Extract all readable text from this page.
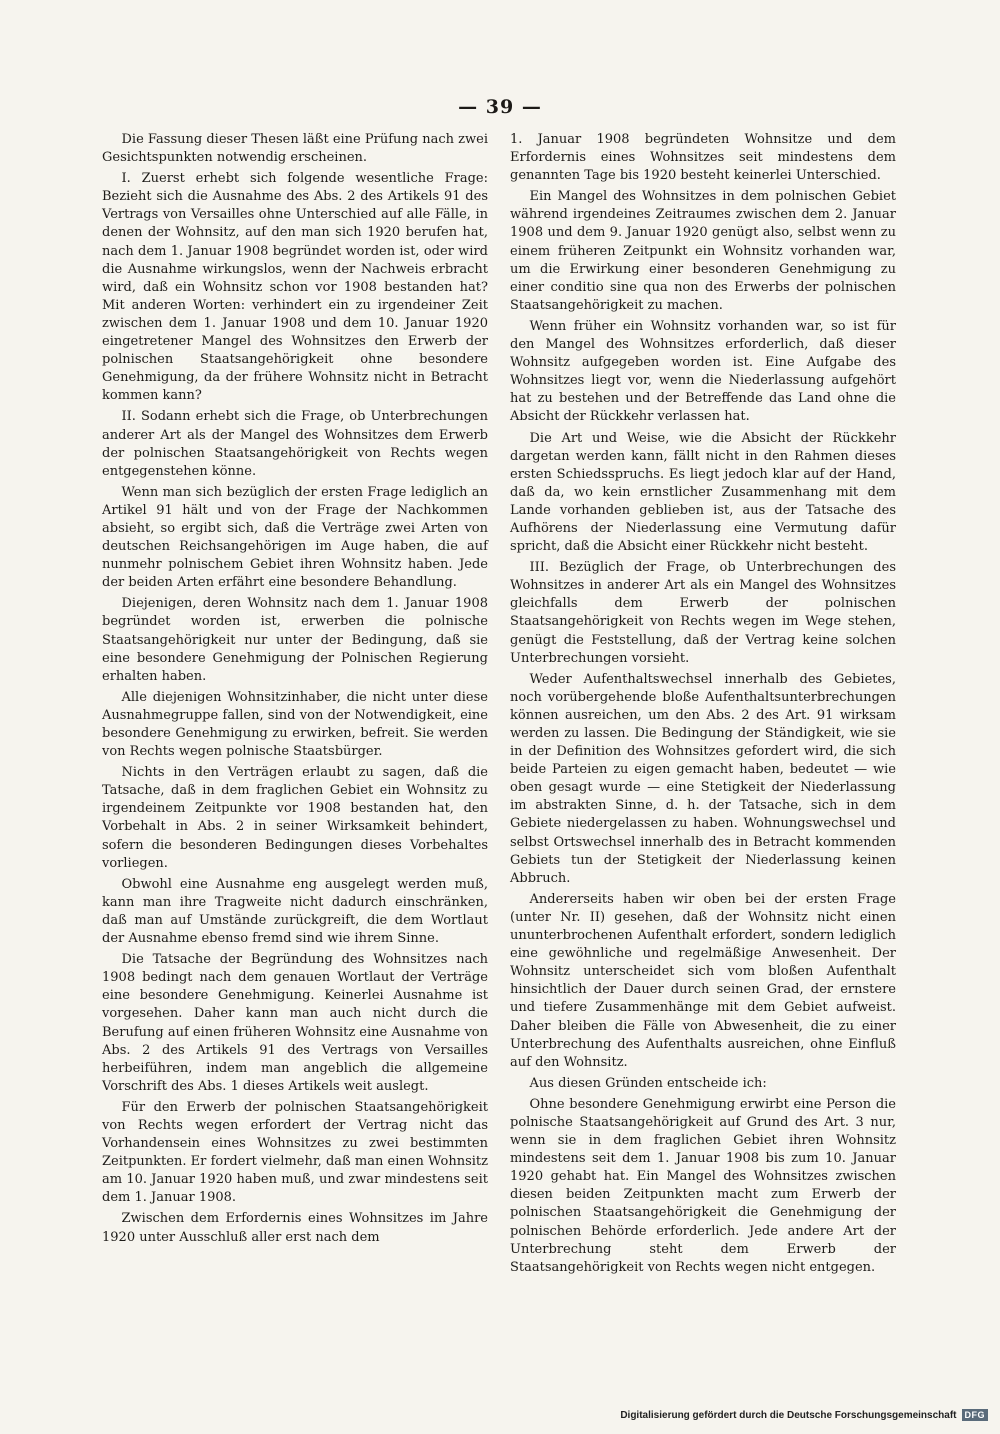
— 39 —

Die Fassung dieser Thesen läßt eine Prüfung nach zwei Gesichtspunkten notwendig erscheinen.

I. Zuerst erhebt sich folgende wesentliche Frage: Bezieht sich die Ausnahme des Abs. 2 des Artikels 91 des Vertrags von Versailles ohne Unterschied auf alle Fälle, in denen der Wohnsitz, auf den man sich 1920 berufen hat, nach dem 1. Januar 1908 begründet worden ist, oder wird die Ausnahme wirkungslos, wenn der Nachweis erbracht wird, daß ein Wohnsitz schon vor 1908 bestanden hat? Mit anderen Worten: verhindert ein zu irgendeiner Zeit zwischen dem 1. Januar 1908 und dem 10. Januar 1920 eingetretener Mangel des Wohnsitzes den Erwerb der polnischen Staatsangehörigkeit ohne besondere Genehmigung, da der frühere Wohnsitz nicht in Betracht kommen kann?

II. Sodann erhebt sich die Frage, ob Unterbrechungen anderer Art als der Mangel des Wohnsitzes dem Erwerb der polnischen Staatsangehörigkeit von Rechts wegen entgegenstehen könne.

Wenn man sich bezüglich der ersten Frage lediglich an Artikel 91 hält und von der Frage der Nachkommen absieht, so ergibt sich, daß die Verträge zwei Arten von deutschen Reichsangehörigen im Auge haben, die auf nunmehr polnischem Gebiet ihren Wohnsitz haben. Jede der beiden Arten erfährt eine besondere Behandlung.

Diejenigen, deren Wohnsitz nach dem 1. Januar 1908 begründet worden ist, erwerben die polnische Staatsangehörigkeit nur unter der Bedingung, daß sie eine besondere Genehmigung der Polnischen Regierung erhalten haben.

Alle diejenigen Wohnsitzinhaber, die nicht unter diese Ausnahmegruppe fallen, sind von der Notwendigkeit, eine besondere Genehmigung zu erwirken, befreit. Sie werden von Rechts wegen polnische Staatsbürger.

Nichts in den Verträgen erlaubt zu sagen, daß die Tatsache, daß in dem fraglichen Gebiet ein Wohnsitz zu irgendeinem Zeitpunkte vor 1908 bestanden hat, den Vorbehalt in Abs. 2 in seiner Wirksamkeit behindert, sofern die besonderen Bedingungen dieses Vorbehaltes vorliegen.

Obwohl eine Ausnahme eng ausgelegt werden muß, kann man ihre Tragweite nicht dadurch einschränken, daß man auf Umstände zurückgreift, die dem Wortlaut der Ausnahme ebenso fremd sind wie ihrem Sinne.

Die Tatsache der Begründung des Wohnsitzes nach 1908 bedingt nach dem genauen Wortlaut der Verträge eine besondere Genehmigung. Keinerlei Ausnahme ist vorgesehen. Daher kann man auch nicht durch die Berufung auf einen früheren Wohnsitz eine Ausnahme von Abs. 2 des Artikels 91 des Vertrags von Versailles herbeiführen, indem man angeblich die allgemeine Vorschrift des Abs. 1 dieses Artikels weit auslegt.

Für den Erwerb der polnischen Staatsangehörigkeit von Rechts wegen erfordert der Vertrag nicht das Vorhandensein eines Wohnsitzes zu zwei bestimmten Zeitpunkten. Er fordert vielmehr, daß man einen Wohnsitz am 10. Januar 1920 haben muß, und zwar mindestens seit dem 1. Januar 1908.

Zwischen dem Erfordernis eines Wohnsitzes im Jahre 1920 unter Ausschluß aller erst nach dem

1. Januar 1908 begründeten Wohnsitze und dem Erfordernis eines Wohnsitzes seit mindestens dem genannten Tage bis 1920 besteht keinerlei Unterschied.

Ein Mangel des Wohnsitzes in dem polnischen Gebiet während irgendeines Zeitraumes zwischen dem 2. Januar 1908 und dem 9. Januar 1920 genügt also, selbst wenn zu einem früheren Zeitpunkt ein Wohnsitz vorhanden war, um die Erwirkung einer besonderen Genehmigung zu einer conditio sine qua non des Erwerbs der polnischen Staatsangehörigkeit zu machen.

Wenn früher ein Wohnsitz vorhanden war, so ist für den Mangel des Wohnsitzes erforderlich, daß dieser Wohnsitz aufgegeben worden ist. Eine Aufgabe des Wohnsitzes liegt vor, wenn die Niederlassung aufgehört hat zu bestehen und der Betreffende das Land ohne die Absicht der Rückkehr verlassen hat.

Die Art und Weise, wie die Absicht der Rückkehr dargetan werden kann, fällt nicht in den Rahmen dieses ersten Schiedsspruchs. Es liegt jedoch klar auf der Hand, daß da, wo kein ernstlicher Zusammenhang mit dem Lande vorhanden geblieben ist, aus der Tatsache des Aufhörens der Niederlassung eine Vermutung dafür spricht, daß die Absicht einer Rückkehr nicht besteht.

III. Bezüglich der Frage, ob Unterbrechungen des Wohnsitzes in anderer Art als ein Mangel des Wohnsitzes gleichfalls dem Erwerb der polnischen Staatsangehörigkeit von Rechts wegen im Wege stehen, genügt die Feststellung, daß der Vertrag keine solchen Unterbrechungen vorsieht.

Weder Aufenthaltswechsel innerhalb des Gebietes, noch vorübergehende bloße Aufenthaltsunterbrechungen können ausreichen, um den Abs. 2 des Art. 91 wirksam werden zu lassen. Die Bedingung der Ständigkeit, wie sie in der Definition des Wohnsitzes gefordert wird, die sich beide Parteien zu eigen gemacht haben, bedeutet — wie oben gesagt wurde — eine Stetigkeit der Niederlassung im abstrakten Sinne, d. h. der Tatsache, sich in dem Gebiete niedergelassen zu haben. Wohnungswechsel und selbst Ortswechsel innerhalb des in Betracht kommenden Gebiets tun der Stetigkeit der Niederlassung keinen Abbruch.

Andererseits haben wir oben bei der ersten Frage (unter Nr. II) gesehen, daß der Wohnsitz nicht einen ununterbrochenen Aufenthalt erfordert, sondern lediglich eine gewöhnliche und regelmäßige Anwesenheit. Der Wohnsitz unterscheidet sich vom bloßen Aufenthalt hinsichtlich der Dauer durch seinen Grad, der ernstere und tiefere Zusammenhänge mit dem Gebiet aufweist. Daher bleiben die Fälle von Abwesenheit, die zu einer Unterbrechung des Aufenthalts ausreichen, ohne Einfluß auf den Wohnsitz.

Aus diesen Gründen entscheide ich:

Ohne besondere Genehmigung erwirbt eine Person die polnische Staatsangehörigkeit auf Grund des Art. 3 nur, wenn sie in dem fraglichen Gebiet ihren Wohnsitz mindestens seit dem 1. Januar 1908 bis zum 10. Januar 1920 gehabt hat. Ein Mangel des Wohnsitzes zwischen diesen beiden Zeitpunkten macht zum Erwerb der polnischen Staatsangehörigkeit die Genehmigung der polnischen Behörde erforderlich. Jede andere Art der Unterbrechung steht dem Erwerb der Staatsangehörigkeit von Rechts wegen nicht entgegen.

Digitalisierung gefördert durch die Deutsche Forschungsgemeinschaft DFG
